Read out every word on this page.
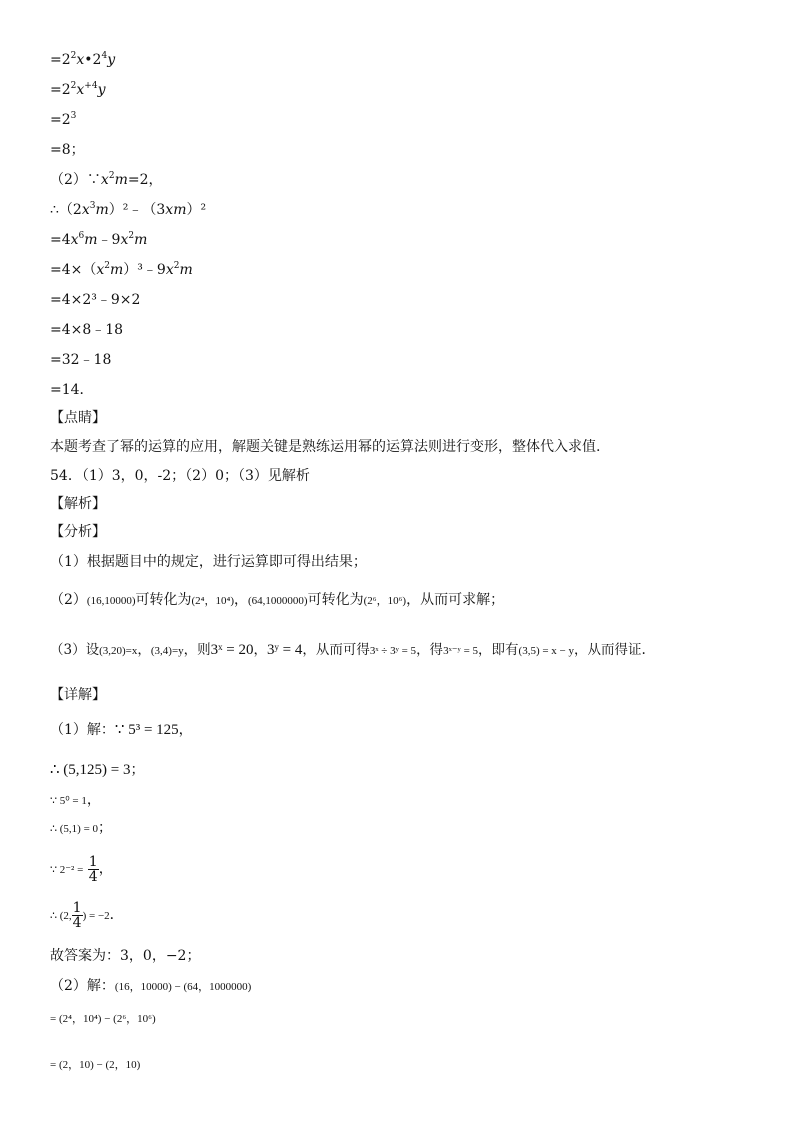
$=2^2x•2^4y$
$=2^2x^{+4}y$
$=2^3$
=8；
$(2)\because x^2m=2$，
$\therefore(2x^3m)^2﹣(3xm)^2$
$=4x^6m﹣9x^2m$
$=4\times(x^2m)^3﹣9x^2m$
=4×2³﹣9×2
=4×8﹣18
=32﹣18
=14．
【点睛】
本题考查了幂的运算的应用，解题关键是熟练运用幂的运算法则进行变形，整体代入求值.
54．（1）3，0，-2；（2）0；（3）见解析
【解析】
【分析】
（1）根据题目中的规定，进行运算即可得出结果；
（2）(16,10000)可转化为(2⁴，10⁴)，(64,1000000)可转化为(2⁶，10⁶)，从而可求解；
（3）设(3,20)=x，(3,4)=y，则3ˣ = 20，3ʸ = 4，从而可得3ˣ ÷ 3ʸ = 5，得3ˣ⁻ʸ = 5，即有(3,5) = x − y，从而得证.
【详解】
（1）解：∵ 5³ = 125，
∴ (5,125) = 3；
∵ 5⁰ = 1，
∴ (5,1) = 0；
∵ $2^{-2} = \frac{1}{4}$ ，
∴ (2, $\frac{1}{4}$ ) = −2．
故答案为：3，0，−2；
（2）解：(16，10000) − (64，1000000)
= (2⁴，10⁴) − (2⁶，10⁶)
= (2，10) − (2，10)
